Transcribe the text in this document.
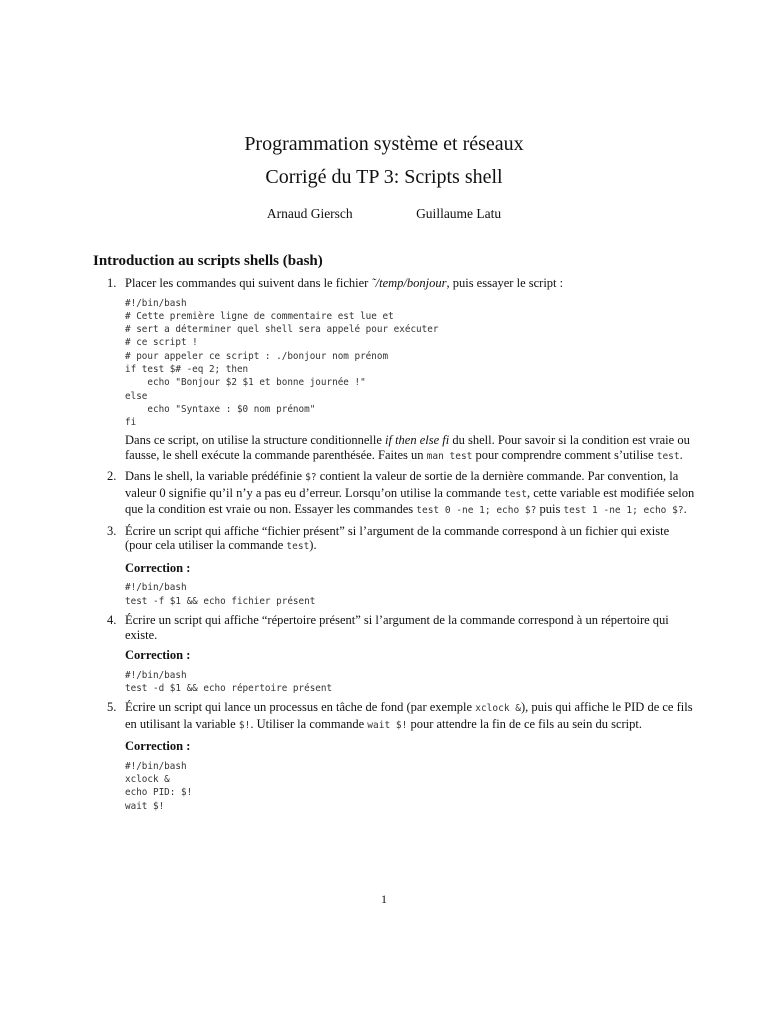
Programmation système et réseaux
Corrigé du TP 3: Scripts shell
Arnaud Giersch	Guillaume Latu
Introduction au scripts shells (bash)
1. Placer les commandes qui suivent dans le fichier ˜/temp/bonjour, puis essayer le script :
#!/bin/bash
# Cette première ligne de commentaire est lue et
# sert a déterminer quel shell sera appelé pour exécuter
# ce script !
# pour appeler ce script : ./bonjour nom prénom
if test $# -eq 2; then
echo "Bonjour $2 $1 et bonne journée !"
else
echo "Syntaxe : $0 nom prénom"
fi
Dans ce script, on utilise la structure conditionnelle if then else fi du shell. Pour savoir si la condition est vraie ou fausse, le shell exécute la commande parenthésée. Faites un man test pour comprendre comment s’utilise test.
2. Dans le shell, la variable prédéfinie $? contient la valeur de sortie de la dernière commande. Par convention, la valeur 0 signifie qu’il n’y a pas eu d’erreur. Lorsqu’on utilise la commande test, cette variable est modifiée selon que la condition est vraie ou non. Essayer les commandes test 0 -ne 1; echo $? puis test 1 -ne 1; echo $?.
3. Écrire un script qui affiche “fichier présent” si l’argument de la commande correspond à un fichier qui existe (pour cela utiliser la commande test).
Correction :
#!/bin/bash
test -f $1 && echo fichier présent
4. Écrire un script qui affiche “répertoire présent” si l’argument de la commande correspond à un répertoire qui existe.
Correction :
#!/bin/bash
test -d $1 && echo répertoire présent
5. Écrire un script qui lance un processus en tâche de fond (par exemple xclock &), puis qui affiche le PID de ce fils en utilisant la variable $!. Utiliser la commande wait $! pour attendre la fin de ce fils au sein du script.
Correction :
#!/bin/bash
xclock &
echo PID: $!
wait $!
1
